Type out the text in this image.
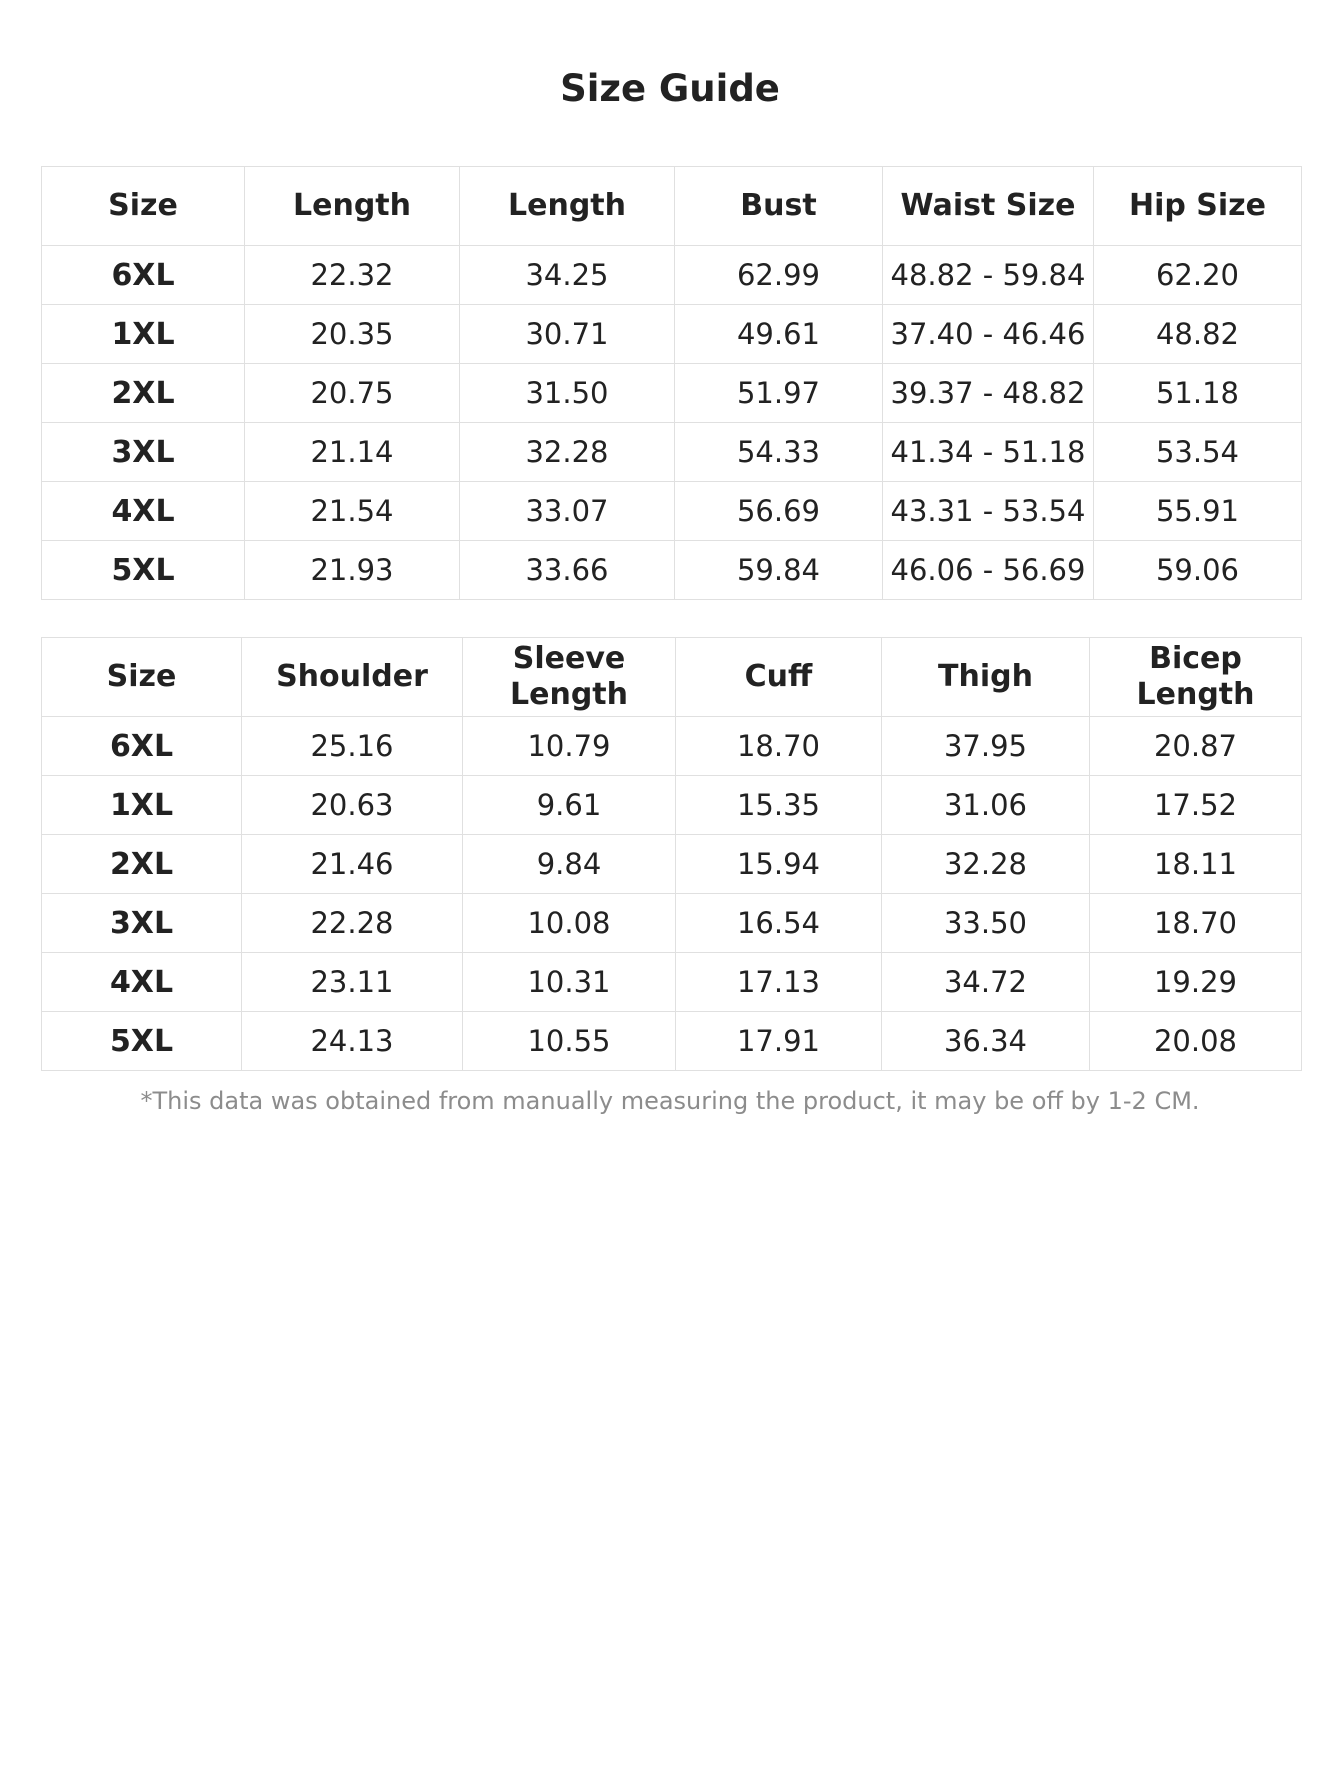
Size Guide
Size	Length	Length	Bust	Waist Size	Hip Size
6XL	22.32	34.25	62.99	48.82 - 59.84	62.20
1XL	20.35	30.71	49.61	37.40 - 46.46	48.82
2XL	20.75	31.50	51.97	39.37 - 48.82	51.18
3XL	21.14	32.28	54.33	41.34 - 51.18	53.54
4XL	21.54	33.07	56.69	43.31 - 53.54	55.91
5XL	21.93	33.66	59.84	46.06 - 56.69	59.06
Size	Shoulder	Sleeve Length	Cuff	Thigh	Bicep Length
6XL	25.16	10.79	18.70	37.95	20.87
1XL	20.63	9.61	15.35	31.06	17.52
2XL	21.46	9.84	15.94	32.28	18.11
3XL	22.28	10.08	16.54	33.50	18.70
4XL	23.11	10.31	17.13	34.72	19.29
5XL	24.13	10.55	17.91	36.34	20.08
*This data was obtained from manually measuring the product, it may be off by 1-2 CM.
